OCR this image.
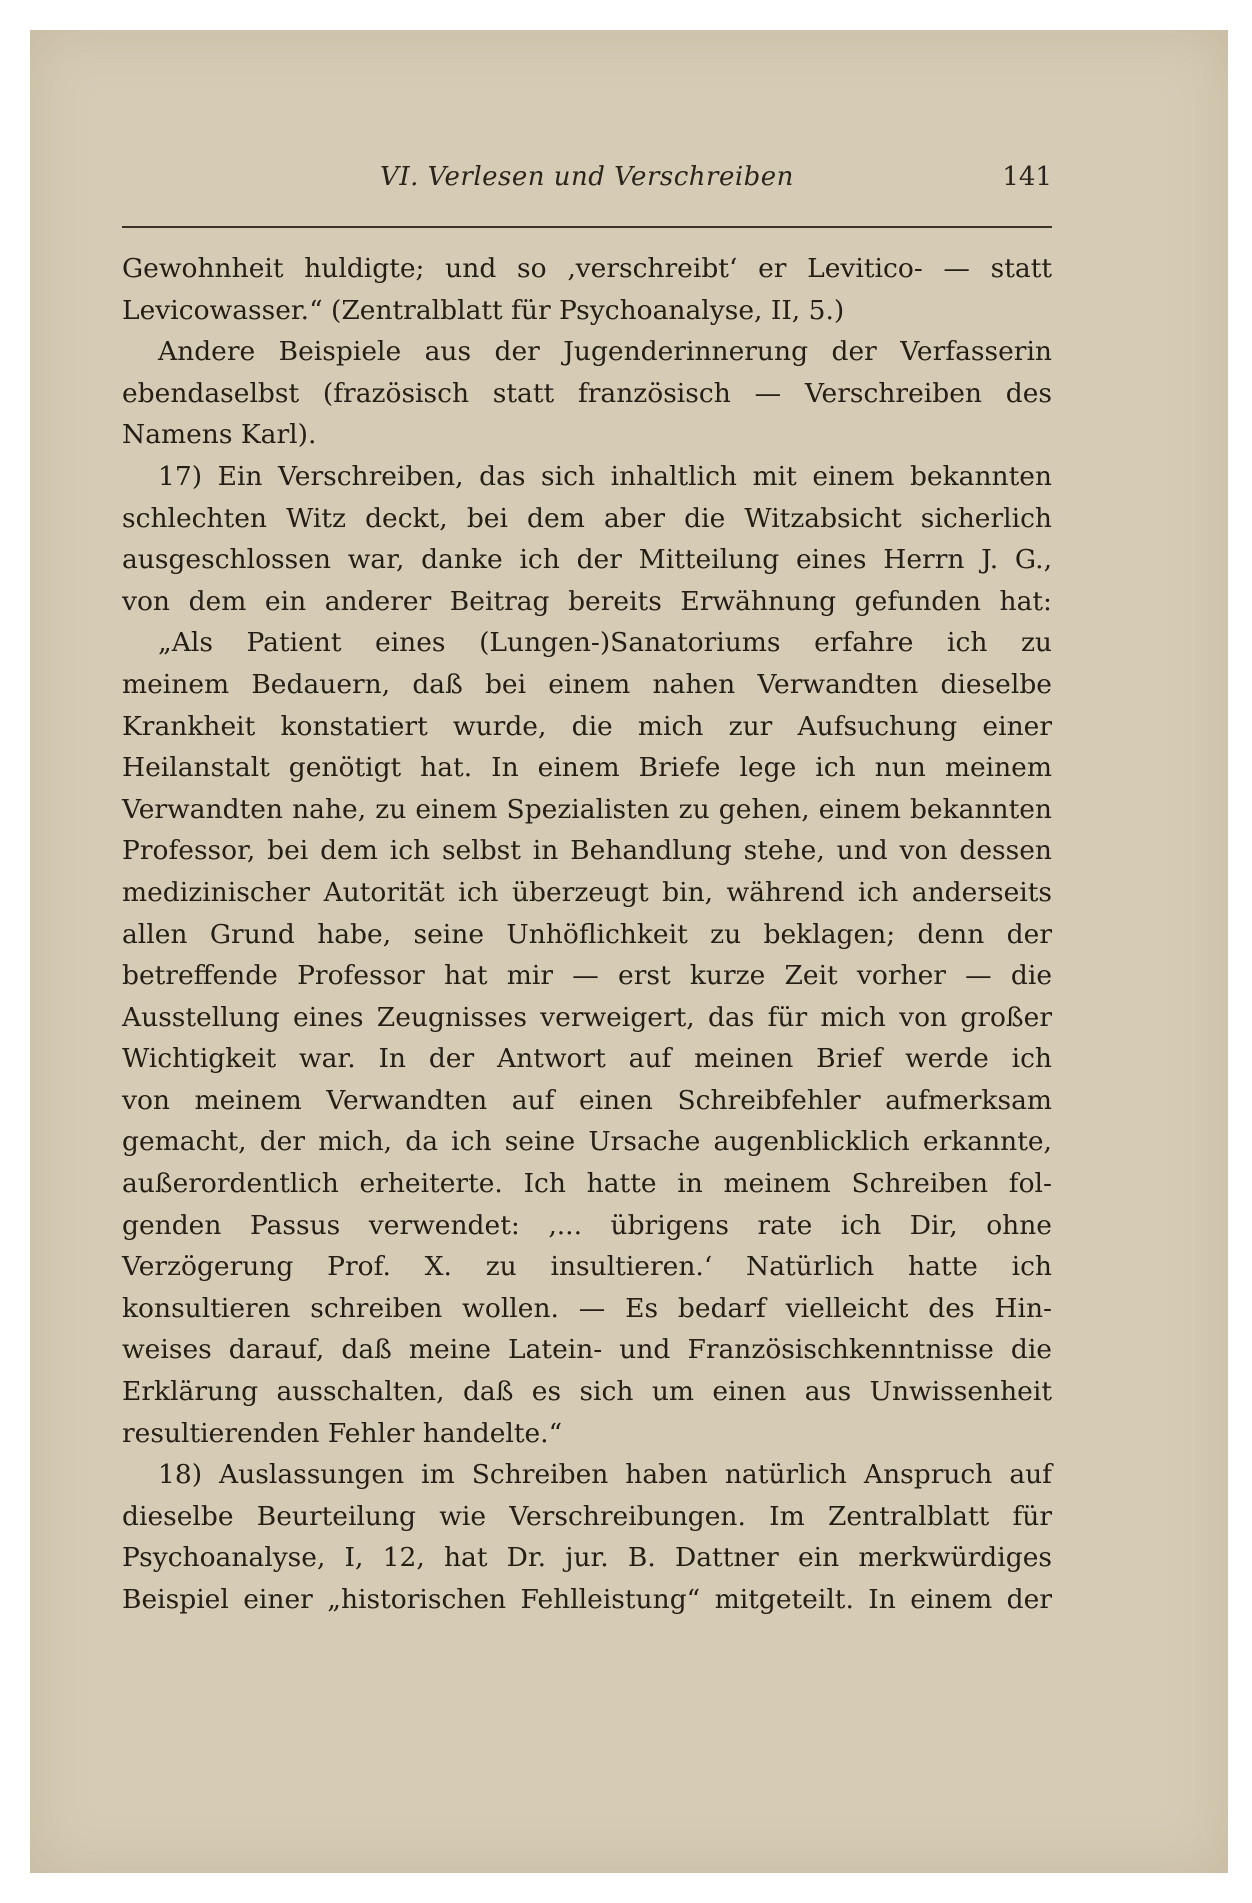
VI. Verlesen und Verschreiben	141
Gewohnheit huldigte; und so ‚verschreibt‘ er Levitico- — statt
Levicowasser.“ (Zentralblatt für Psychoanalyse, II, 5.)
Andere Beispiele aus der Jugenderinnerung der Verfasserin
ebendaselbst (frazösisch statt französisch — Verschreiben des
Namens Karl).
17) Ein Verschreiben, das sich inhaltlich mit einem bekannten
schlechten Witz deckt, bei dem aber die Witzabsicht sicherlich
ausgeschlossen war, danke ich der Mitteilung eines Herrn J. G.,
von dem ein anderer Beitrag bereits Erwähnung gefunden hat:
„Als Patient eines (Lungen-)Sanatoriums erfahre ich zu
meinem Bedauern, daß bei einem nahen Verwandten dieselbe
Krankheit konstatiert wurde, die mich zur Aufsuchung einer
Heilanstalt genötigt hat. In einem Briefe lege ich nun meinem
Verwandten nahe, zu einem Spezialisten zu gehen, einem bekannten
Professor, bei dem ich selbst in Behandlung stehe, und von dessen
medizinischer Autorität ich überzeugt bin, während ich anderseits
allen Grund habe, seine Unhöflichkeit zu beklagen; denn der
betreffende Professor hat mir — erst kurze Zeit vorher — die
Ausstellung eines Zeugnisses verweigert, das für mich von großer
Wichtigkeit war. In der Antwort auf meinen Brief werde ich
von meinem Verwandten auf einen Schreibfehler aufmerksam
gemacht, der mich, da ich seine Ursache augenblicklich erkannte,
außerordentlich erheiterte. Ich hatte in meinem Schreiben fol-
genden Passus verwendet: ‚... übrigens rate ich Dir, ohne
Verzögerung Prof. X. zu insultieren.‘ Natürlich hatte ich
konsultieren schreiben wollen. — Es bedarf vielleicht des Hin-
weises darauf, daß meine Latein- und Französischkenntnisse die
Erklärung ausschalten, daß es sich um einen aus Unwissenheit
resultierenden Fehler handelte.“
18) Auslassungen im Schreiben haben natürlich Anspruch auf
dieselbe Beurteilung wie Verschreibungen. Im Zentralblatt für
Psychoanalyse, I, 12, hat Dr. jur. B. Dattner ein merkwürdiges
Beispiel einer „historischen Fehlleistung“ mitgeteilt. In einem der
